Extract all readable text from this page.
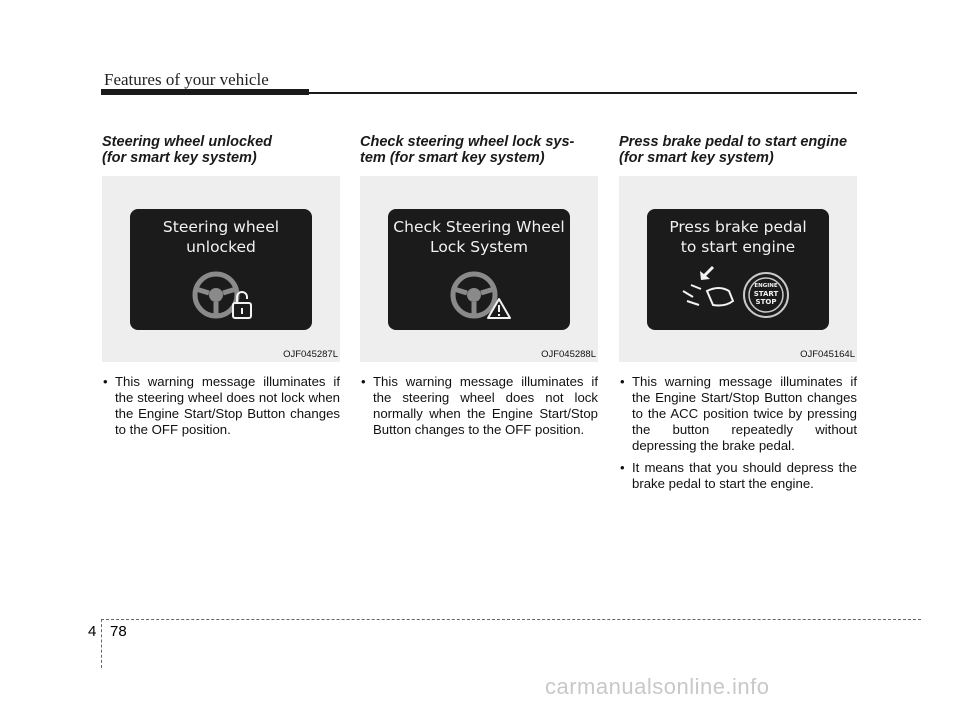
Features of your vehicle
Steering wheel unlocked
(for smart key system)
Steering wheel
unlocked
OJF045287L
• This warning message illuminates if the steering wheel does not lock when the Engine Start/Stop Button changes to the OFF position.
Check steering wheel lock sys-
tem (for smart key system)
Check Steering Wheel
Lock System
OJF045288L
• This warning message illuminates if the steering wheel does not lock normally when the Engine Start/Stop Button changes to the OFF position.
Press brake pedal to start engine
(for smart key system)
Press brake pedal
to start engine
ENGINE
START
STOP
OJF045164L
• This warning message illuminates if the Engine Start/Stop Button changes to the ACC position twice by pressing the button repeatedly without depressing the brake pedal.
• It means that you should depress the brake pedal to start the engine.
4 78
carmanualsonline.info
